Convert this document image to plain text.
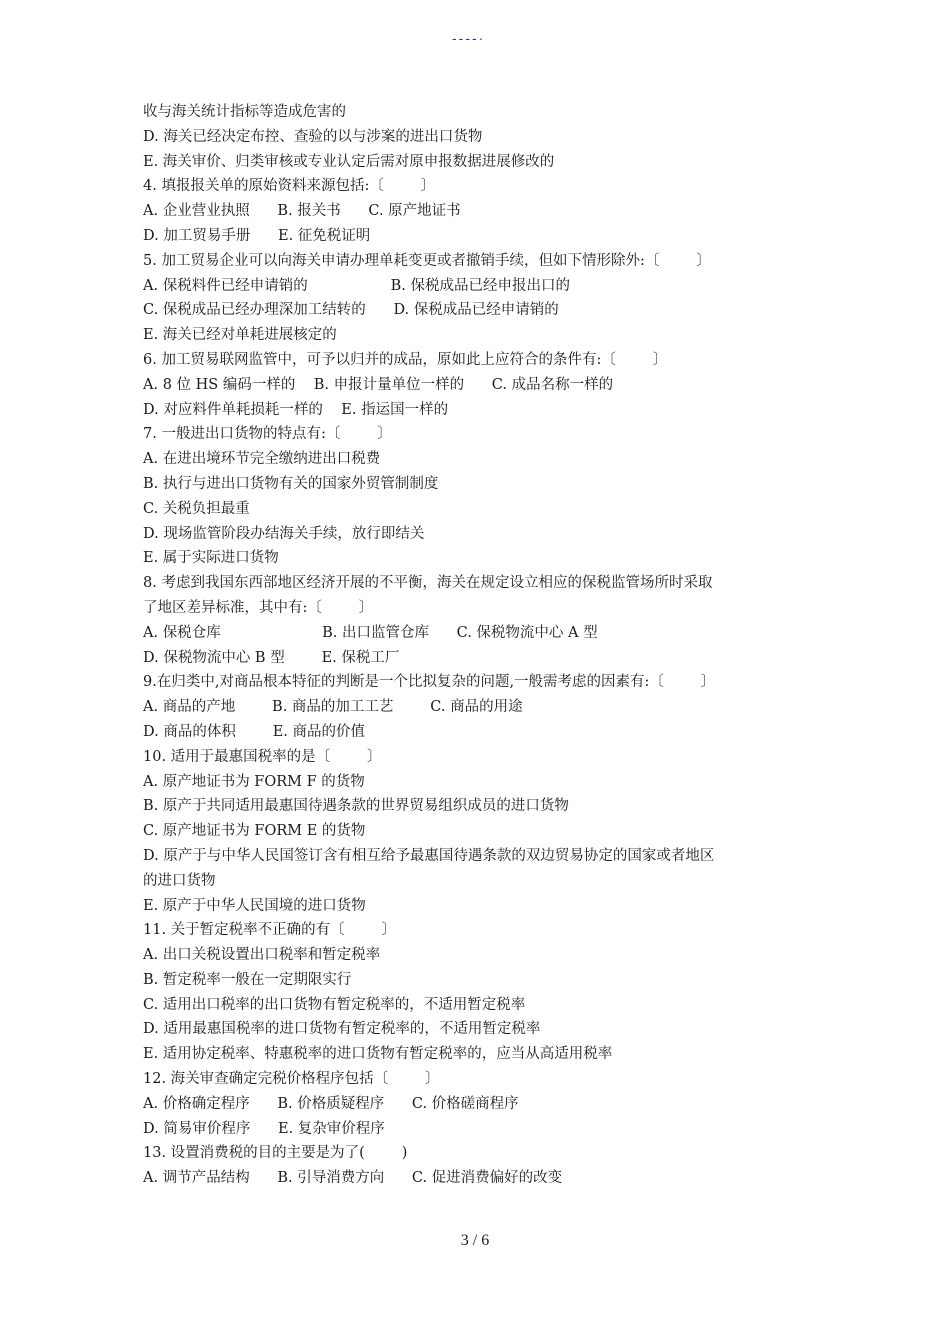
----·
收与海关统计指标等造成危害的
D. 海关已经决定布控、查验的以与涉案的进出口货物
E. 海关审价、归类审核或专业认定后需对原申报数据进展修改的
4. 填报报关单的原始资料来源包括:〔        〕
A. 企业营业执照      B. 报关书      C. 原产地证书
D. 加工贸易手册      E. 征免税证明
5. 加工贸易企业可以向海关申请办理单耗变更或者撤销手续，但如下情形除外:〔        〕
A. 保税料件已经申请销的                  B. 保税成品已经申报出口的
C. 保税成品已经办理深加工结转的      D. 保税成品已经申请销的
E. 海关已经对单耗进展核定的
6. 加工贸易联网监管中，可予以归并的成品，原如此上应符合的条件有:〔        〕
A. 8 位 HS 编码一样的    B. 申报计量单位一样的      C. 成品名称一样的
D. 对应料件单耗损耗一样的    E. 指运国一样的
7. 一般进出口货物的特点有:〔        〕
A. 在进出境环节完全缴纳进出口税费
B. 执行与进出口货物有关的国家外贸管制制度
C. 关税负担最重
D. 现场监管阶段办结海关手续，放行即结关
E. 属于实际进口货物
8. 考虑到我国东西部地区经济开展的不平衡，海关在规定设立相应的保税监管场所时采取
了地区差异标准，其中有:〔        〕
A. 保税仓库                      B. 出口监管仓库      C. 保税物流中心 A 型
D. 保税物流中心 B 型        E. 保税工厂
9.在归类中,对商品根本特征的判断是一个比拟复杂的问题,一般需考虑的因素有:〔        〕
A. 商品的产地        B. 商品的加工工艺        C. 商品的用途
D. 商品的体积        E. 商品的价值
10. 适用于最惠国税率的是〔        〕
A. 原产地证书为 FORM F 的货物
B. 原产于共同适用最惠国待遇条款的世界贸易组织成员的进口货物
C. 原产地证书为 FORM E 的货物
D. 原产于与中华人民国签订含有相互给予最惠国待遇条款的双边贸易协定的国家或者地区
的进口货物
E. 原产于中华人民国境的进口货物
11. 关于暂定税率不正确的有〔        〕
A. 出口关税设置出口税率和暂定税率
B. 暂定税率一般在一定期限实行
C. 适用出口税率的出口货物有暂定税率的，不适用暂定税率
D. 适用最惠国税率的进口货物有暂定税率的，不适用暂定税率
E. 适用协定税率、特惠税率的进口货物有暂定税率的，应当从高适用税率
12. 海关审查确定完税价格程序包括〔        〕
A. 价格确定程序      B. 价格质疑程序      C. 价格磋商程序
D. 简易审价程序      E. 复杂审价程序
13. 设置消费税的目的主要是为了(        )
A. 调节产品结构      B. 引导消费方向      C. 促进消费偏好的改变
3 / 6
